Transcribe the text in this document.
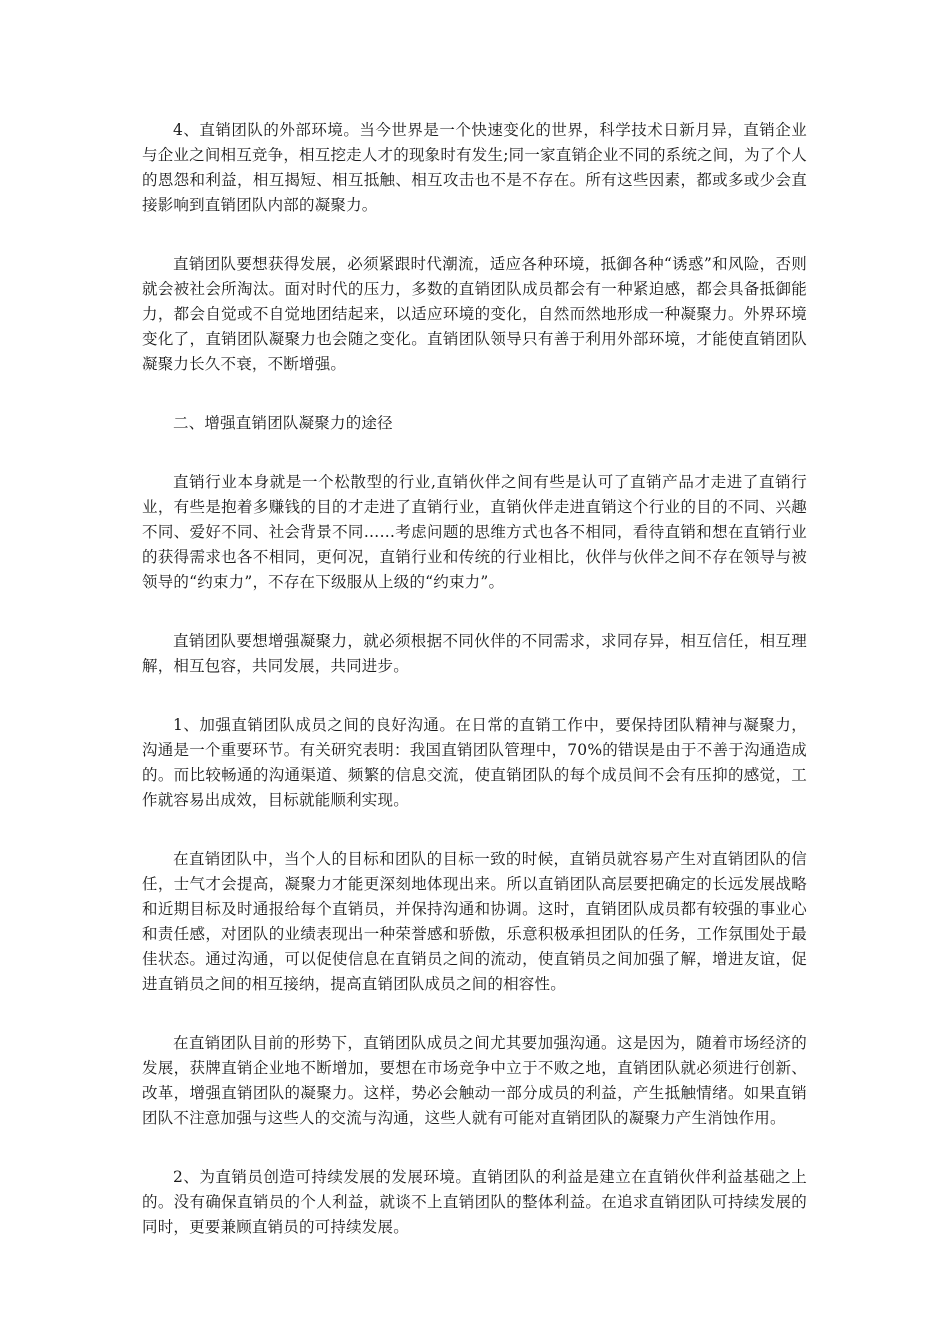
4、直销团队的外部环境。当今世界是一个快速变化的世界，科学技术日新月异，直销企业与企业之间相互竞争，相互挖走人才的现象时有发生;同一家直销企业不同的系统之间，为了个人的恩怨和利益，相互揭短、相互抵触、相互攻击也不是不存在。所有这些因素，都或多或少会直接影响到直销团队内部的凝聚力。

直销团队要想获得发展，必须紧跟时代潮流，适应各种环境，抵御各种“诱惑”和风险，否则就会被社会所淘汰。面对时代的压力，多数的直销团队成员都会有一种紧迫感，都会具备抵御能力，都会自觉或不自觉地团结起来，以适应环境的变化，自然而然地形成一种凝聚力。外界环境变化了，直销团队凝聚力也会随之变化。直销团队领导只有善于利用外部环境，才能使直销团队凝聚力长久不衰，不断增强。

二、增强直销团队凝聚力的途径

直销行业本身就是一个松散型的行业,直销伙伴之间有些是认可了直销产品才走进了直销行业，有些是抱着多赚钱的目的才走进了直销行业，直销伙伴走进直销这个行业的目的不同、兴趣不同、爱好不同、社会背景不同……考虑问题的思维方式也各不相同，看待直销和想在直销行业的获得需求也各不相同，更何况，直销行业和传统的行业相比，伙伴与伙伴之间不存在领导与被领导的“约束力”，不存在下级服从上级的“约束力”。

直销团队要想增强凝聚力，就必须根据不同伙伴的不同需求，求同存异，相互信任，相互理解，相互包容，共同发展，共同进步。

1、加强直销团队成员之间的良好沟通。在日常的直销工作中，要保持团队精神与凝聚力，沟通是一个重要环节。有关研究表明：我国直销团队管理中，70%的错误是由于不善于沟通造成的。而比较畅通的沟通渠道、频繁的信息交流，使直销团队的每个成员间不会有压抑的感觉，工作就容易出成效，目标就能顺利实现。

在直销团队中，当个人的目标和团队的目标一致的时候，直销员就容易产生对直销团队的信任，士气才会提高，凝聚力才能更深刻地体现出来。所以直销团队高层要把确定的长远发展战略和近期目标及时通报给每个直销员，并保持沟通和协调。这时，直销团队成员都有较强的事业心和责任感，对团队的业绩表现出一种荣誉感和骄傲，乐意积极承担团队的任务，工作氛围处于最佳状态。通过沟通，可以促使信息在直销员之间的流动，使直销员之间加强了解，增进友谊，促进直销员之间的相互接纳，提高直销团队成员之间的相容性。

在直销团队目前的形势下，直销团队成员之间尤其要加强沟通。这是因为，随着市场经济的发展，获牌直销企业地不断增加，要想在市场竞争中立于不败之地，直销团队就必须进行创新、改革，增强直销团队的凝聚力。这样，势必会触动一部分成员的利益，产生抵触情绪。如果直销团队不注意加强与这些人的交流与沟通，这些人就有可能对直销团队的凝聚力产生消蚀作用。

2、为直销员创造可持续发展的发展环境。直销团队的利益是建立在直销伙伴利益基础之上的。没有确保直销员的个人利益，就谈不上直销团队的整体利益。在追求直销团队可持续发展的同时，更要兼顾直销员的可持续发展。
